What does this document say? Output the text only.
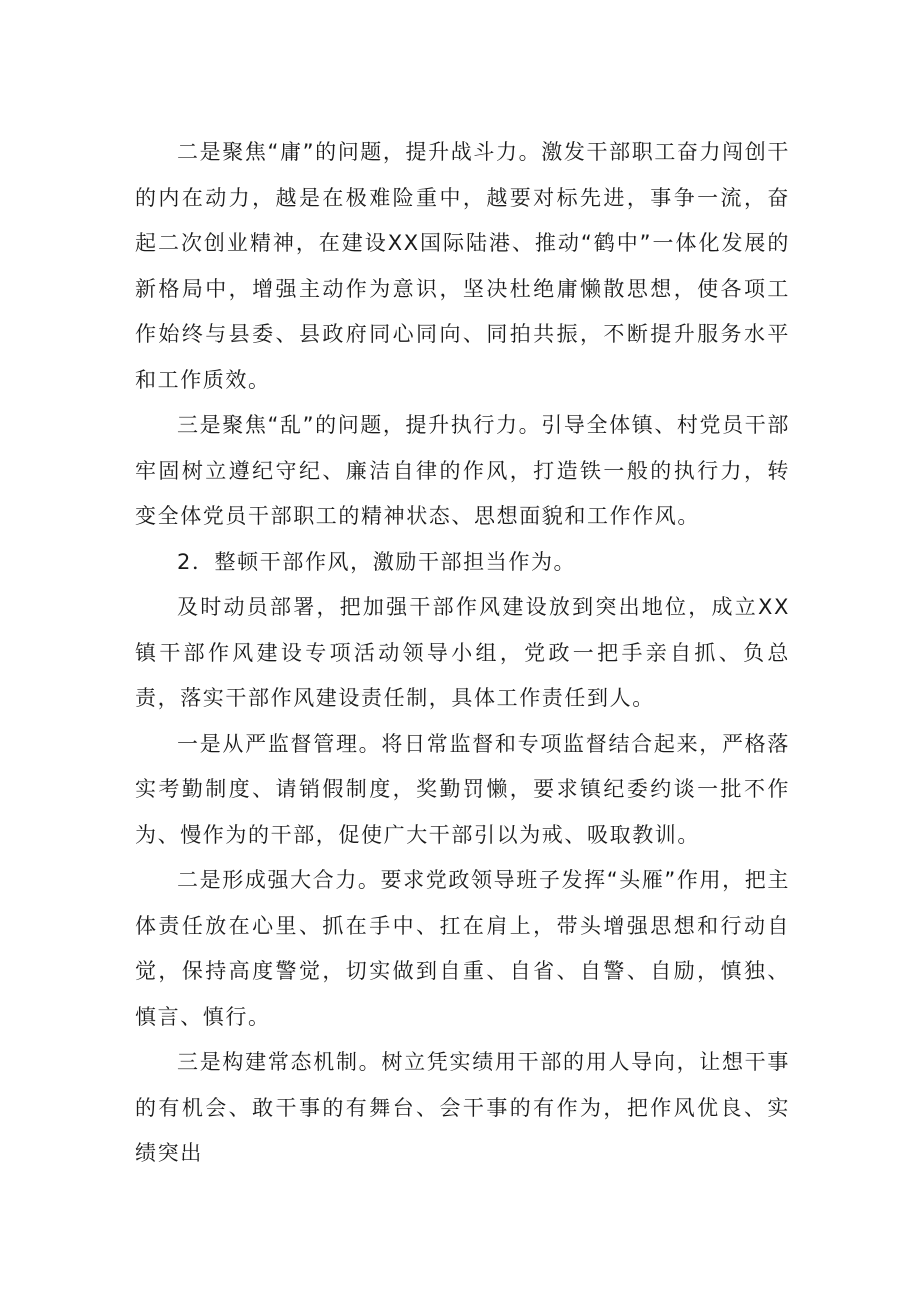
二是聚焦“庸”的问题，提升战斗力。激发干部职工奋力闯创干的内在动力，越是在极难险重中，越要对标先进，事争一流，奋起二次创业精神，在建设XX国际陆港、推动“鹤中”一体化发展的新格局中，增强主动作为意识，坚决杜绝庸懒散思想，使各项工作始终与县委、县政府同心同向、同拍共振，不断提升服务水平和工作质效。

三是聚焦“乱”的问题，提升执行力。引导全体镇、村党员干部牢固树立遵纪守纪、廉洁自律的作风，打造铁一般的执行力，转变全体党员干部职工的精神状态、思想面貌和工作作风。

2．整顿干部作风，激励干部担当作为。

及时动员部署，把加强干部作风建设放到突出地位，成立XX镇干部作风建设专项活动领导小组，党政一把手亲自抓、负总责，落实干部作风建设责任制，具体工作责任到人。

一是从严监督管理。将日常监督和专项监督结合起来，严格落实考勤制度、请销假制度，奖勤罚懒，要求镇纪委约谈一批不作为、慢作为的干部，促使广大干部引以为戒、吸取教训。

二是形成强大合力。要求党政领导班子发挥“头雁”作用，把主体责任放在心里、抓在手中、扛在肩上，带头增强思想和行动自觉，保持高度警觉，切实做到自重、自省、自警、自励，慎独、慎言、慎行。

三是构建常态机制。树立凭实绩用干部的用人导向，让想干事的有机会、敢干事的有舞台、会干事的有作为，把作风优良、实绩突出
